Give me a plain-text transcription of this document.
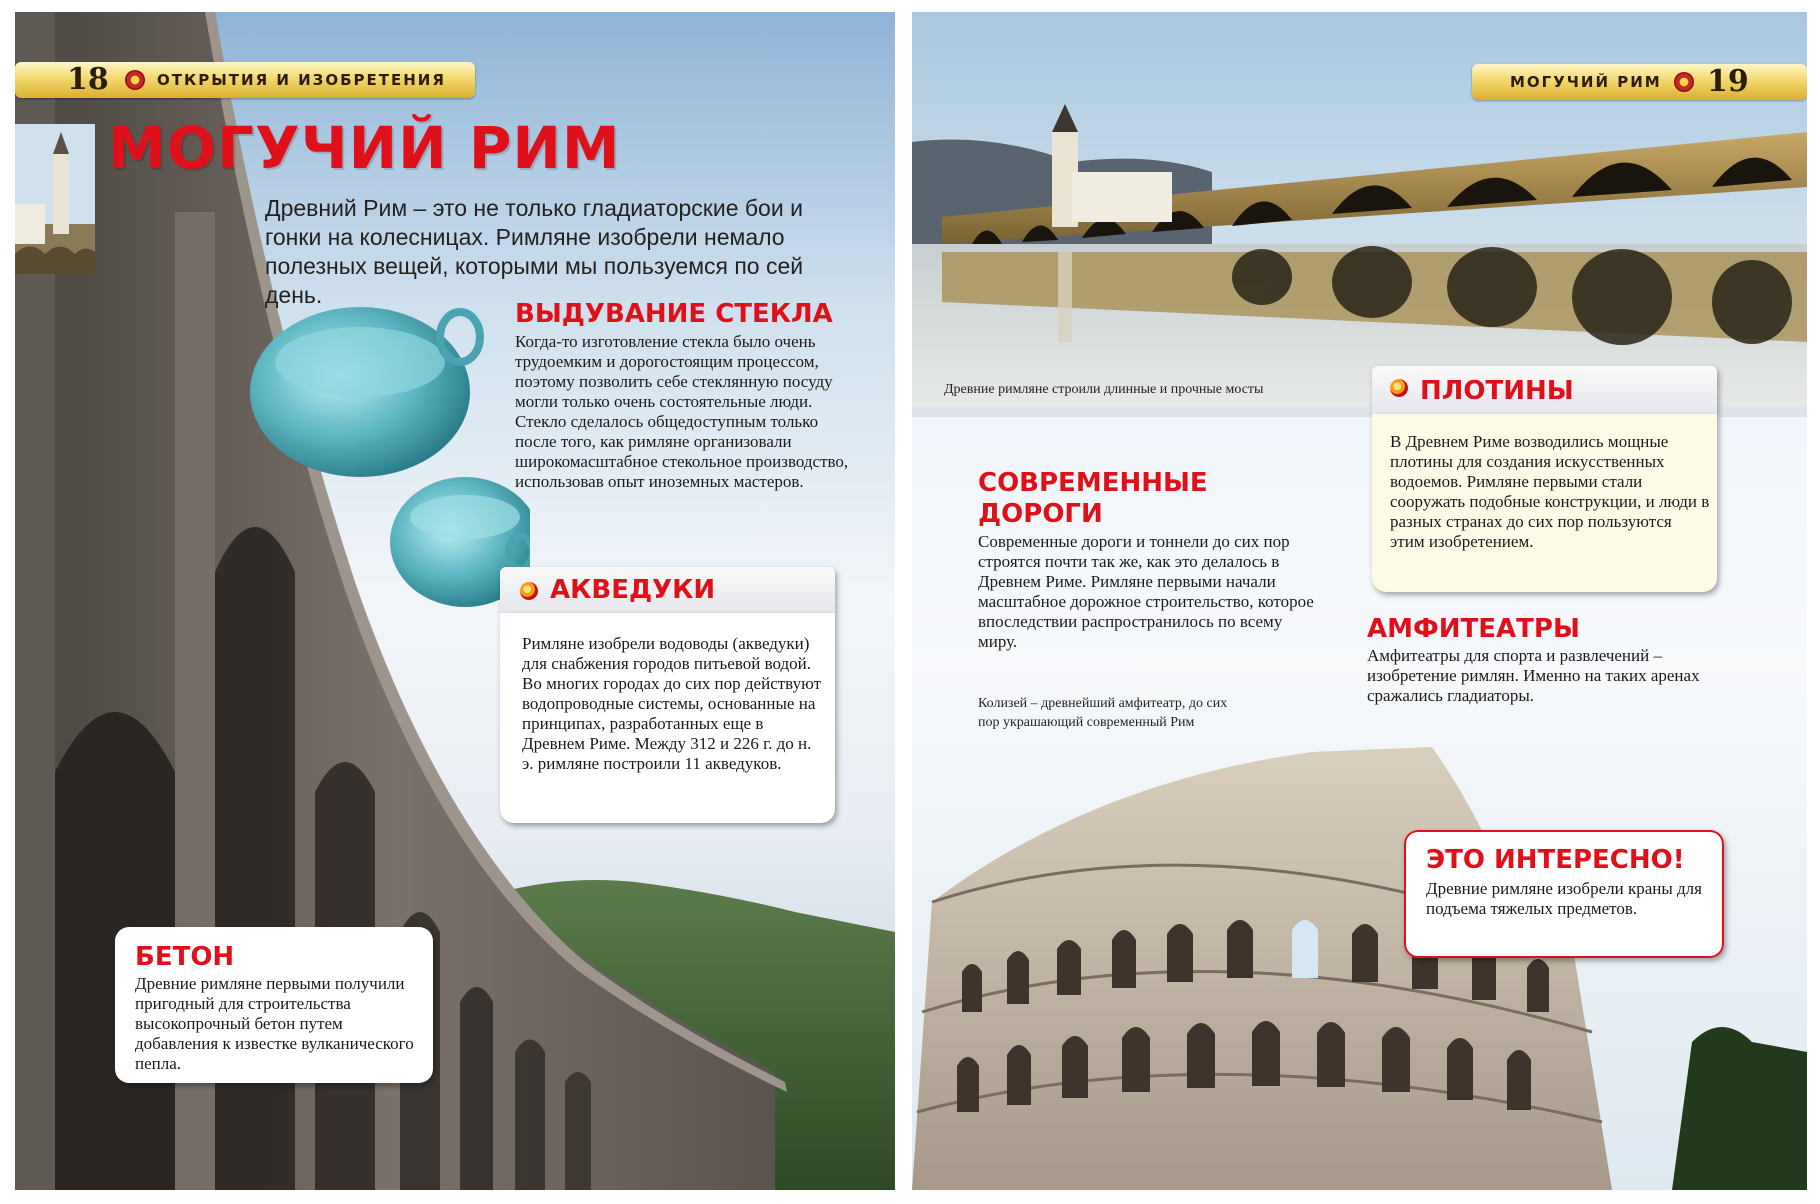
18	ОТКРЫТИЯ И ИЗОБРЕТЕНИЯ
МОГУЧИЙ РИМ
Древний Рим – это не только гладиаторские бои и гонки на колесницах. Римляне изобрели немало полезных вещей, которыми мы пользуемся по сей день.
ВЫДУВАНИЕ СТЕКЛА
Когда-то изготовление стекла было очень трудоемким и дорогостоящим процессом, поэтому позволить себе стеклянную посуду могли только очень состоятельные люди. Стекло сделалось общедоступным только после того, как римляне организовали широкомасштабное стекольное производство, использовав опыт иноземных мастеров.
АКВЕДУКИ
Римляне изобрели водоводы (акведуки) для снабжения городов питьевой водой. Во многих городах до сих пор действуют водопроводные системы, основанные на принципах, разработанных еще в Древнем Риме. Между 312 и 226 г. до н. э. римляне построили 11 акведуков.
БЕТОН
Древние римляне первыми получили пригодный для строительства высокопрочный бетон путем добавления к известке вулканического пепла.
Древние римляне строили длинные и прочные мосты
МОГУЧИЙ РИМ 19
ПЛОТИНЫ
В Древнем Риме возводились мощные плотины для создания искусственных водоемов. Римляне первыми стали сооружать подобные конструкции, и люди в разных странах до сих пор пользуются этим изобретением.
СОВРЕМЕННЫЕ
ДОРОГИ
Современные дороги и тоннели до сих пор строятся почти так же, как это делалось в Древнем Риме. Римляне первыми начали масштабное дорожное строительство, которое впоследствии распространилось по всему миру.	АМФИТЕАТРЫ
Амфитеатры для спорта и развлечений – изобретение римлян. Именно на таких аренах сражались гладиаторы.
Колизей – древнейший амфитеатр, до сих пор украшающий современный Рим
ЭТО ИНТЕРЕСНО!
Древние римляне изобрели краны для подъема тяжелых предметов.
